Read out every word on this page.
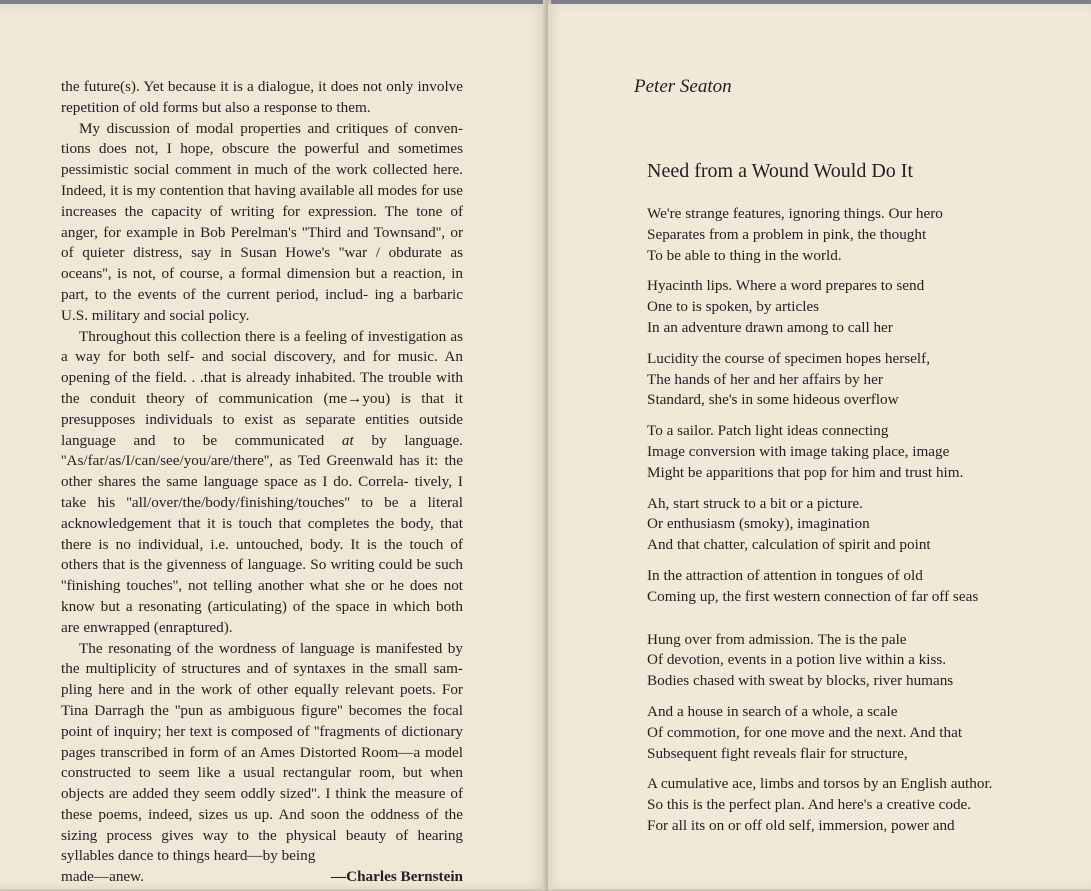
the future(s). Yet because it is a dialogue, it does not only involve repetition of old forms but also a response to them.

My discussion of modal properties and critiques of conven- tions does not, I hope, obscure the powerful and sometimes pessimistic social comment in much of the work collected here. Indeed, it is my contention that having available all modes for use increases the capacity of writing for expression. The tone of anger, for example in Bob Perelman's ''Third and Townsand'', or of quieter distress, say in Susan Howe's ''war / obdurate as oceans'', is not, of course, a formal dimension but a reaction, in part, to the events of the current period, includ- ing a barbaric U.S. military and social policy.

Throughout this collection there is a feeling of investigation as a way for both self- and social discovery, and for music. An opening of the field. . .that is already inhabited. The trouble with the conduit theory of communication (me→you) is that it presupposes individuals to exist as separate entities outside language and to be communicated at by language. ''As/far/as/I/can/see/you/are/there'', as Ted Greenwald has it: the other shares the same language space as I do. Correla- tively, I take his ''all/over/the/body/finishing/touches'' to be a literal acknowledgement that it is touch that completes the body, that there is no individual, i.e. untouched, body. It is the touch of others that is the givenness of language. So writing could be such ''finishing touches'', not telling another what she or he does not know but a resonating (articulating) of the space in which both are enwrapped (enraptured).

The resonating of the wordness of language is manifested by the multiplicity of structures and of syntaxes in the small sam- pling here and in the work of other equally relevant poets. For Tina Darragh the ''pun as ambiguous figure'' becomes the focal point of inquiry; her text is composed of ''fragments of dictionary pages transcribed in form of an Ames Distorted Room—a model constructed to seem like a usual rectangular room, but when objects are added they seem oddly sized''. I think the measure of these poems, indeed, sizes us up. And soon the oddness of the sizing process gives way to the physical beauty of hearing syllables dance to things heard—by being

made—anew.	—Charles Bernstein
Peter Seaton
Need from a Wound Would Do It
We're strange features, ignoring things. Our hero
Separates from a problem in pink, the thought
To be able to thing in the world.
Hyacinth lips. Where a word prepares to send
One to is spoken, by articles
In an adventure drawn among to call her
Lucidity the course of specimen hopes herself,
The hands of her and her affairs by her
Standard, she's in some hideous overflow
To a sailor. Patch light ideas connecting
Image conversion with image taking place, image
Might be apparitions that pop for him and trust him.
Ah, start struck to a bit or a picture.
Or enthusiasm (smoky), imagination
And that chatter, calculation of spirit and point
In the attraction of attention in tongues of old
Coming up, the first western connection of far off seas
Hung over from admission. The is the pale
Of devotion, events in a potion live within a kiss.
Bodies chased with sweat by blocks, river humans
And a house in search of a whole, a scale
Of commotion, for one move and the next. And that
Subsequent fight reveals flair for structure,
A cumulative ace, limbs and torsos by an English author.
So this is the perfect plan. And here's a creative code.
For all its on or off old self, immersion, power and
